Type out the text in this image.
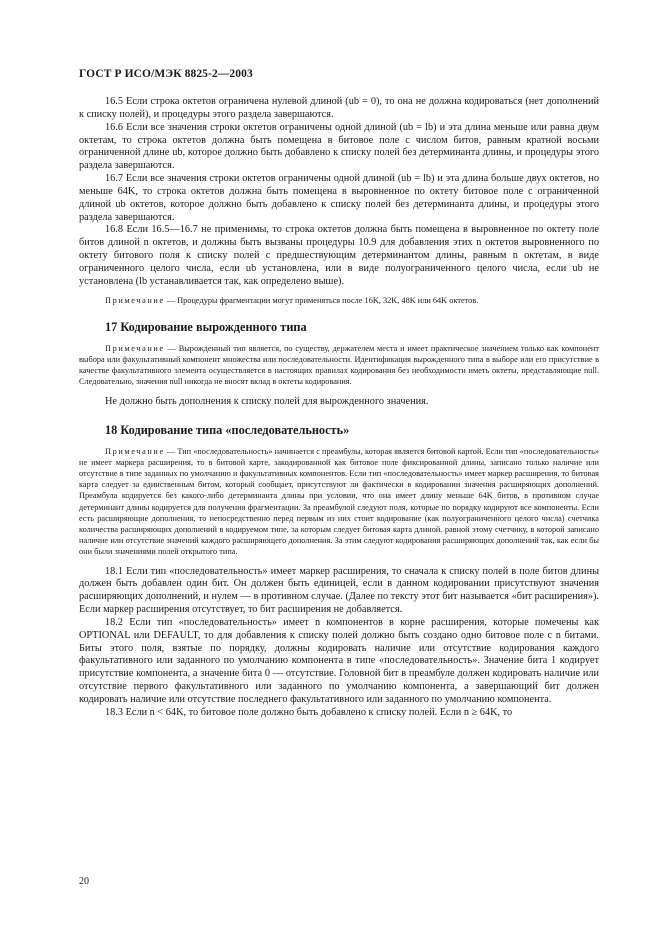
ГОСТ Р ИСО/МЭК 8825-2—2003

16.5 Если строка октетов ограничена нулевой длиной (ub = 0), то она не должна кодироваться (нет дополнений к списку полей), и процедуры этого раздела завершаются.

16.6 Если все значения строки октетов ограничены одной длиной (ub = lb) и эта длина меньше или равна двум октетам, то строка октетов должна быть помещена в битовое поле с числом битов, равным кратной восьми ограниченной длине ub, которое должно быть добавлено к списку полей без детерминанта длины, и процедуры этого раздела завершаются.

16.7 Если все значения строки октетов ограничены одной длиной (ub = lb) и эта длина больше двух октетов, но меньше 64K, то строка октетов должна быть помещена в выровненное по октету битовое поле с ограниченной длиной ub октетов, которое должно быть добавлено к списку полей без детерминанта длины, и процедуры этого раздела завершаются.

16.8 Если 16.5—16.7 не применимы, то строка октетов должна быть помещена в выровненное по октету поле битов длиной n октетов, и должны быть вызваны процедуры 10.9 для добавления этих n октетов выровненного по октету битового поля к списку полей с предшествующим детерминантом длины, равным n октетам, в виде ограниченного целого числа, если ub установлена, или в виде полуограниченного целого числа, если ub не установлена (lb устанавливается так, как определено выше).

Примечание — Процедуры фрагментации могут применяться после 16K, 32K, 48K или 64K октетов.

17 Кодирование вырожденного типа

Примечание — Вырожденный тип является, по существу, держателем места и имеет практическое значением только как компонент выбора или факультативный компонент множества или последовательности. Идентификация вырожденного типа в выборе или его присутствие в качестве факультативного элемента осуществляется в настоящих правилах кодирования без необходимости иметь октеты, представляющие null. Следовательно, значения null никогда не вносят вклад в октеты кодирования.

Не должно быть дополнения к списку полей для вырожденного значения.

18 Кодирование типа «последовательность»

Примечание — Тип «последовательность» начинается с преамбулы, которая является битовой картой. Если тип «последовательность» не имеет маркера расширения, то в битовой карте, закодированной как битовое поле фиксированной длины, записано только наличие или отсутствие в типе заданных по умолчанию и факультативных компонентов. Если тип «последовательность» имеет маркер расширения, то битовая карта следует за единственным битом, который сообщает, присутствуют ли фактически в кодировании значения расширяющих дополнений. Преамбула кодируется без какого-либо детерминанта длины при условии, что она имеет длину меньше 64K битов, в противном случае детерминант длины кодируется для получения фрагментации. За преамбулой следуют поля, которые по порядку кодируют все компоненты. Если есть расширяющие дополнения, то непосредственно перед первым из них стоит кодирование (как полуограниченного целого числа) счетчика количества расширяющих дополнений в кодируемом типе, за которым следует битовая карта длиной. равной этому счетчику, в которой записано наличие или отсутствие значений каждого расширяющего дополнения. За этим следуют кодирования расширяющих дополнений так, как если бы они были значениями полей открытого типа.

18.1 Если тип «последовательность» имеет маркер расширения, то сначала к списку полей в поле битов длины должен быть добавлен один бит. Он должен быть единицей, если в данном кодировании присутствуют значения расширяющих дополнений, и нулем — в противном случае. (Далее по тексту этот бит называется «бит расширения»). Если маркер расширения отсутствует, то бит расширения не добавляется.

18.2 Если тип «последовательность» имеет n компонентов в корне расширения, которые помечены как OPTIONAL или DEFAULT, то для добавления к списку полей должно быть создано одно битовое поле с n битами. Биты этого поля, взятые по порядку, должны кодировать наличие или отсутствие кодирования каждого факультативного или заданного по умолчанию компонента в типе «последовательность». Значение бита 1 кодирует присутствие компонента, а значение бита 0 — отсутствие. Головной бит в преамбуле должен кодировать наличие или отсутствие первого факультативного или заданного по умолчанию компонента, а завершающий бит должен кодировать наличие или отсутствие последнего факультативного или заданного по умолчанию компонента.

18.3 Если n < 64K, то битовое поле должно быть добавлено к списку полей. Если n ≥ 64K, то

20
